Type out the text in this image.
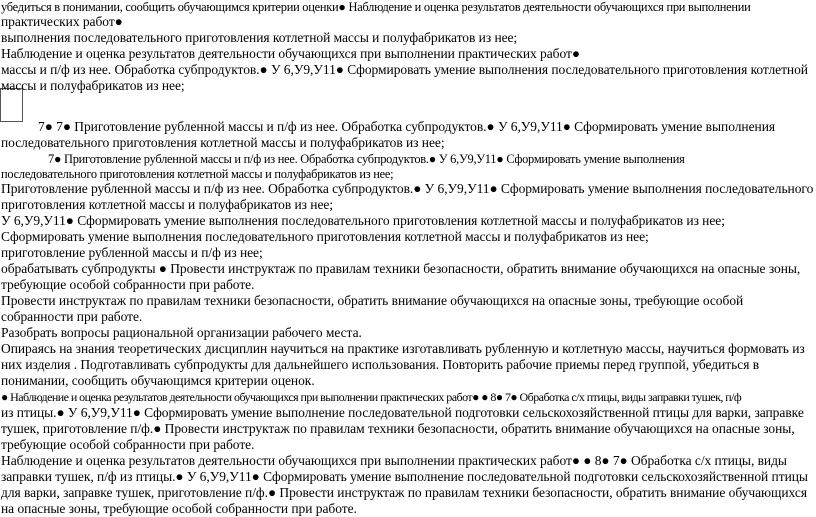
убедиться в понимании, сообщить обучающимся критерии оценки● Наблюдение и оценка результатов деятельности обучающихся при выполнении
практических работ●
выполнения последовательного приготовления котлетной массы и полуфабрикатов из нее;
Наблюдение и оценка результатов деятельности обучающихся при выполнении практических работ●
массы и п/ф из нее. Обработка субпродуктов.● У 6,У9,У11● Сформировать умение выполнения последовательного приготовления котлетной
массы и полуфабрикатов из нее;
7● 7● Приготовление рубленной массы и п/ф из нее. Обработка субпродуктов.● У 6,У9,У11● Сформировать умение выполнения
последовательного приготовления котлетной массы и полуфабрикатов из нее;
7● Приготовление рубленной массы и п/ф из нее. Обработка субпродуктов.● У 6,У9,У11● Сформировать умение выполнения
последовательного приготовления котлетной массы и полуфабрикатов из нее;
Приготовление рубленной массы и п/ф из нее. Обработка субпродуктов.● У 6,У9,У11● Сформировать умение выполнения последовательного
приготовления котлетной массы и полуфабрикатов из нее;
У 6,У9,У11● Сформировать умение выполнения последовательного приготовления котлетной массы и полуфабрикатов из нее;
Сформировать умение выполнения последовательного приготовления котлетной массы и полуфабрикатов из нее;
приготовление рубленной массы и п/ф из нее;
обрабатывать субпродукты ● Провести инструктаж по правилам техники безопасности, обратить внимание обучающихся на опасные зоны,
требующие особой собранности при работе.
Провести инструктаж по правилам техники безопасности, обратить внимание обучающихся на опасные зоны, требующие особой
собранности при работе.
Разобрать вопросы рациональной организации рабочего места.
Опираясь на знания теоретических дисциплин научиться на практике изготавливать рубленную и котлетную массы, научиться формовать из
них изделия . Подготавливать субпродукты для дальнейшего использования. Повторить рабочие приемы перед группой, убедиться в
понимании, сообщить обучающимся критерии оценок.
● Наблюдение и оценка результатов деятельности обучающихся при выполнении практических работ● ● 8● 7● Обработка с/х птицы, виды заправки тушек, п/ф
из птицы.● У 6,У9,У11● Сформировать умение выполнение последовательной подготовки сельскохозяйственной птицы для варки, заправке
тушек, приготовление п/ф.● Провести инструктаж по правилам техники безопасности, обратить внимание обучающихся на опасные зоны,
требующие особой собранности при работе.
Наблюдение и оценка результатов деятельности обучающихся при выполнении практических работ● ● 8● 7● Обработка с/х птицы, виды
заправки тушек, п/ф из птицы.● У 6,У9,У11● Сформировать умение выполнение последовательной подготовки сельскохозяйственной птицы
для варки, заправке тушек, приготовление п/ф.● Провести инструктаж по правилам техники безопасности, обратить внимание обучающихся
на опасные зоны, требующие особой собранности при работе.
